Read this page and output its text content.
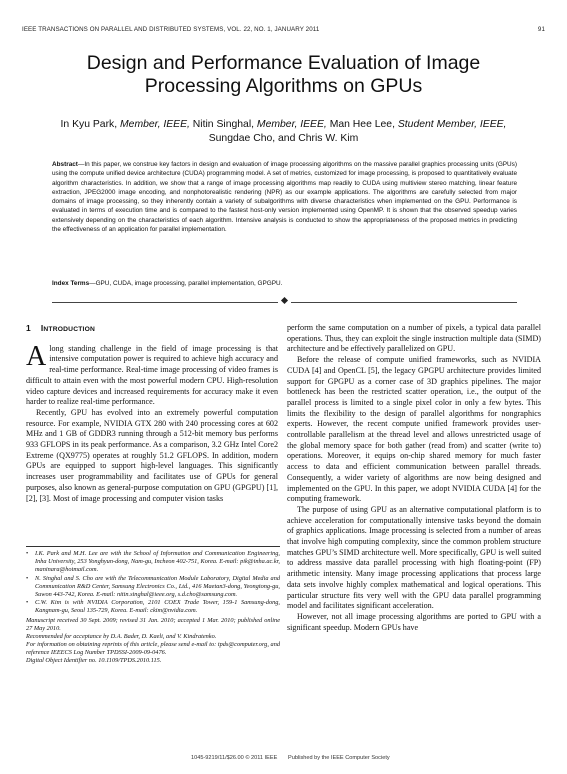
IEEE TRANSACTIONS ON PARALLEL AND DISTRIBUTED SYSTEMS, VOL. 22, NO. 1, JANUARY 2011	91
Design and Performance Evaluation of Image
Processing Algorithms on GPUs
In Kyu Park, Member, IEEE, Nitin Singhal, Member, IEEE, Man Hee Lee, Student Member, IEEE,
Sungdae Cho, and Chris W. Kim
Abstract—In this paper, we construe key factors in design and evaluation of image processing algorithms on the massive parallel graphics processing units (GPUs) using the compute unified device architecture (CUDA) programming model. A set of metrics, customized for image processing, is proposed to quantitatively evaluate algorithm characteristics. In addition, we show that a range of image processing algorithms map readily to CUDA using multiview stereo matching, linear feature extraction, JPEG2000 image encoding, and nonphotorealistic rendering (NPR) as our example applications. The algorithms are carefully selected from major domains of image processing, so they inherently contain a variety of subalgorithms with diverse characteristics when implemented on the GPU. Performance is evaluated in terms of execution time and is compared to the fastest host-only version implemented using OpenMP. It is shown that the observed speedup varies extensively depending on the characteristics of each algorithm. Intensive analysis is conducted to show the appropriateness of the proposed metrics in predicting the effectiveness of an application for parallel implementation.
Index Terms—GPU, CUDA, image processing, parallel implementation, GPGPU.
1 INTRODUCTION

Along standing challenge in the field of image processing is that intensive computation power is required to achieve high accuracy and real-time performance. Real-time image processing of video frames is difficult to attain even with the most powerful modern CPU. High-resolution video capture devices and increased requirements for accuracy make it even harder to realize real-time performance.

Recently, GPU has evolved into an extremely powerful computation resource. For example, NVIDIA GTX 280 with 240 processing cores at 602 MHz and 1 GB of GDDR3 running through a 512-bit memory bus performs 933 GFLOPS in its peak performance. As a comparison, 3.2 GHz Intel Core2 Extreme (QX9775) operates at roughly 51.2 GFLOPS. In addition, modern GPUs are equipped to support high-level languages. This significantly increases user programmability and facilitates use of GPUs for general purposes, also known as general-purpose computation on GPU (GPGPU) [1], [2], [3]. Most of image processing and computer vision tasks

• I.K. Park and M.H. Lee are with the School of Information and Communication Engineering, Inha University, 253 Yonghyun-dong, Nam-gu, Incheon 402-751, Korea. E-mail: pik@inha.ac.kr, maninara@hotmail.com.
• N. Singhal and S. Cho are with the Telecommunication Module Laboratory, Digital Media and Communication R&D Center, Samsung Electronics Co., Ltd., 416 Maetan3-dong, Yeongtong-gu, Suwon 443-742, Korea. E-mail: nitin.singhal@ieee.org, s.d.cho@samsung.com.
• C.W. Kim is with NVIDIA Corporation, 2101 COEX Trade Tower, 159-1 Samsung-dong, Kangnam-gu, Seoul 135-729, Korea. E-mail: ckim@nvidia.com.
Manuscript received 30 Sept. 2009; revised 31 Jan. 2010; accepted 1 Mar. 2010; published online 27 May 2010.
Recommended for acceptance by D.A. Bader, D. Kaeli, and V. Kindratenko.
For information on obtaining reprints of this article, please send e-mail to: tpds@computer.org, and reference IEEECS Log Number TPDSSI-2009-09-0476.
Digital Object Identifier no. 10.1109/TPDS.2010.115.

perform the same computation on a number of pixels, a typical data parallel operations. Thus, they can exploit the single instruction multiple data (SIMD) architecture and be effectively parallelized on GPU.

Before the release of compute unified frameworks, such as NVIDIA CUDA [4] and OpenCL [5], the legacy GPGPU architecture provides limited support for GPGPU as a corner case of 3D graphics pipelines. The major bottleneck has been the restricted scatter operation, i.e., the output of the parallel process is limited to a single pixel color in only a few bytes. This limits the flexibility to the design of parallel algorithms for nongraphics experts. However, the recent compute unified framework provides user-controllable parallelism at the thread level and allows unrestricted usage of the global memory space for both gather (read from) and scatter (write to) operations. Moreover, it equips on-chip shared memory for much faster access to data and efficient communication between parallel threads. Consequently, a wider variety of algorithms are now being designed and implemented on the GPU. In this paper, we adopt NVIDIA CUDA [4] for the computing framework.

The purpose of using GPU as an alternative computational platform is to achieve acceleration for computationally intensive tasks beyond the domain of graphics applications. Image processing is selected from a number of areas that involve high computing complexity, since the common problem structure matches GPU’s SIMD architecture well. More specifically, GPU is well suited to address massive data parallel processing with high floating-point (FP) arithmetic intensity. Many image processing applications that process large data sets involve highly complex mathematical and logical operations. This particular structure fits very well with the GPU data parallel programming model and facilitates significant acceleration.

However, not all image processing algorithms are ported to GPU with a significant speedup. Modern GPUs have

1045-9219/11/$26.00 © 2011 IEEE Published by the IEEE Computer Society
